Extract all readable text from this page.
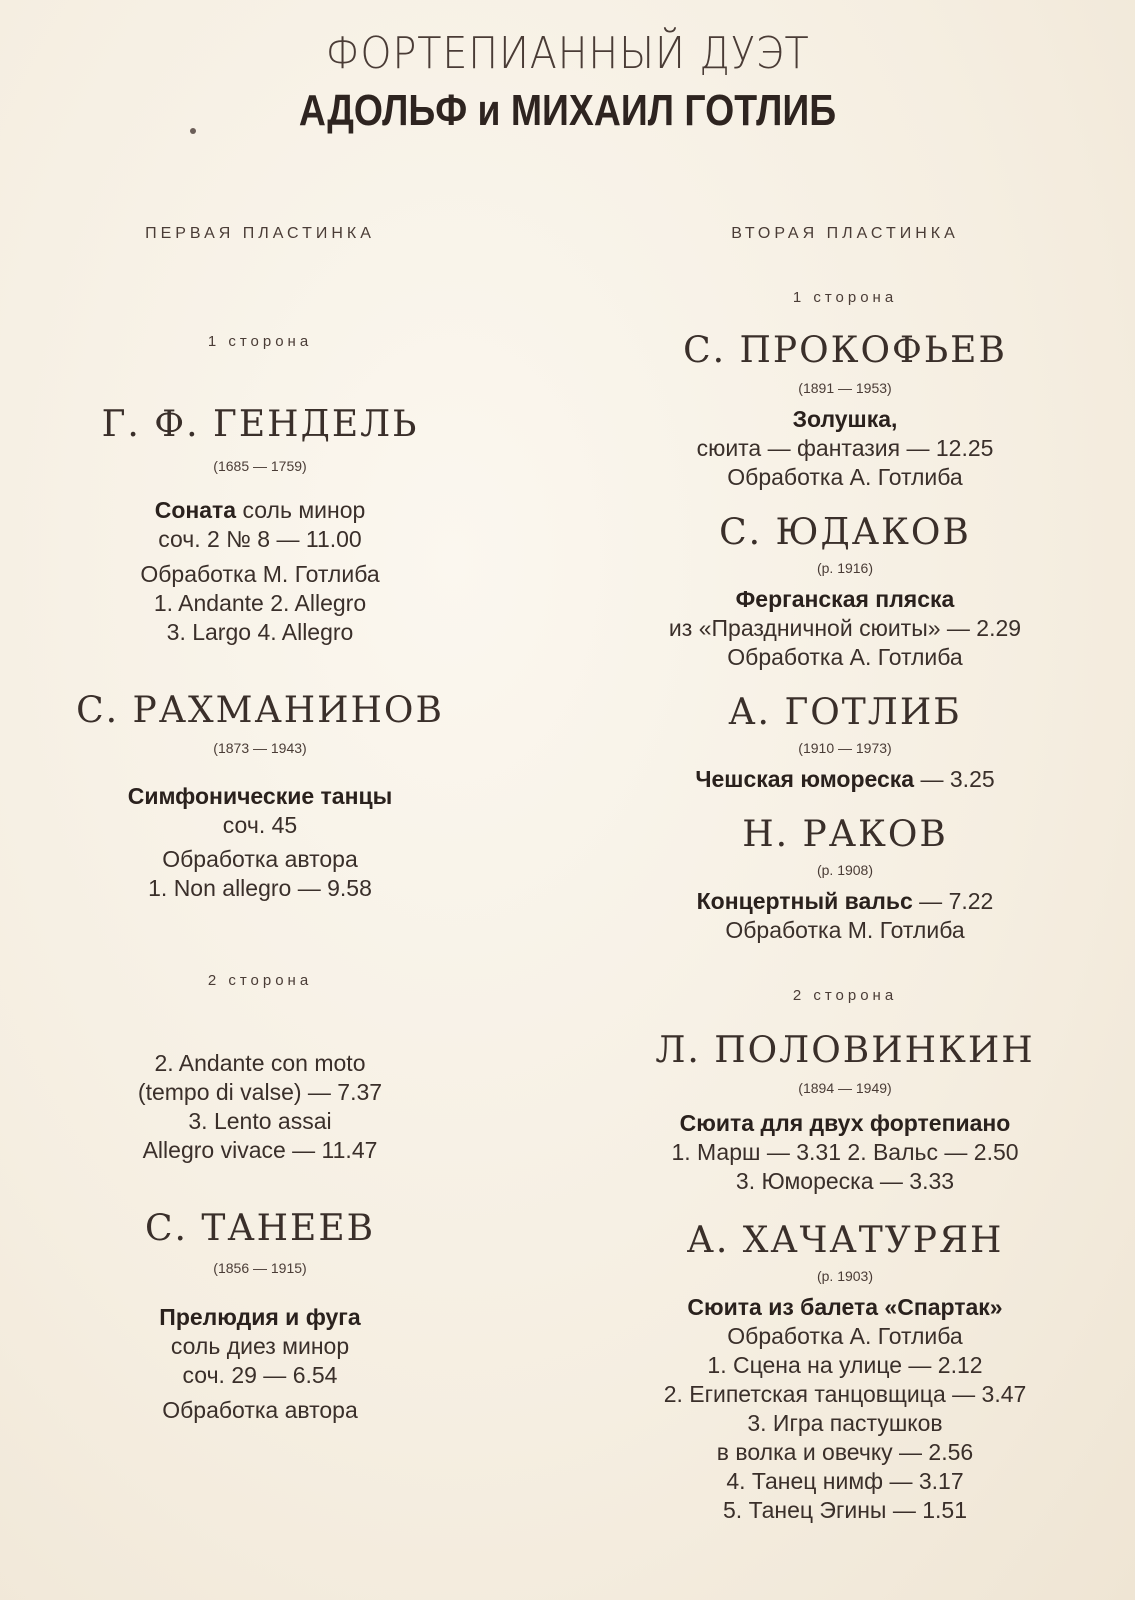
ФОРТЕПИАННЫЙ ДУЭТ
АДОЛЬФ и МИХАИЛ ГОТЛИБ
ПЕРВАЯ ПЛАСТИНКА
1 сторона
Г. Ф. ГЕНДЕЛЬ
(1685 — 1759)
Соната соль минор
соч. 2 № 8 — 11.00
Обработка М. Готлиба
1. Andante 2. Allegro
3. Largo 4. Allegro
С. РАХМАНИНОВ
(1873 — 1943)
Симфонические танцы
соч. 45
Обработка автора
1. Non allegro — 9.58
2 сторона
2. Andante con moto
(tempo di valse) — 7.37
3. Lento assai
Allegro vivace — 11.47
С. ТАНЕЕВ
(1856 — 1915)
Прелюдия и фуга
соль диез минор
соч. 29 — 6.54
Обработка автора
ВТОРАЯ ПЛАСТИНКА
1 сторона
С. ПРОКОФЬЕВ
(1891 — 1953)
Золушка,
сюита — фантазия — 12.25
Обработка А. Готлиба
С. ЮДАКОВ
(р. 1916)
Ферганская пляска
из «Праздничной сюиты» — 2.29
Обработка А. Готлиба
А. ГОТЛИБ
(1910 — 1973)
Чешская юмореска — 3.25
Н. РАКОВ
(р. 1908)
Концертный вальс — 7.22
Обработка М. Готлиба
2 сторона
Л. ПОЛОВИНКИН
(1894 — 1949)
Сюита для двух фортепиано
1. Марш — 3.31 2. Вальс — 2.50
3. Юмореска — 3.33
А. ХАЧАТУРЯН
(р. 1903)
Сюита из балета «Спартак»
Обработка А. Готлиба
1. Сцена на улице — 2.12
2. Египетская танцовщица — 3.47
3. Игра пастушков
в волка и овечку — 2.56
4. Танец нимф — 3.17
5. Танец Эгины — 1.51
